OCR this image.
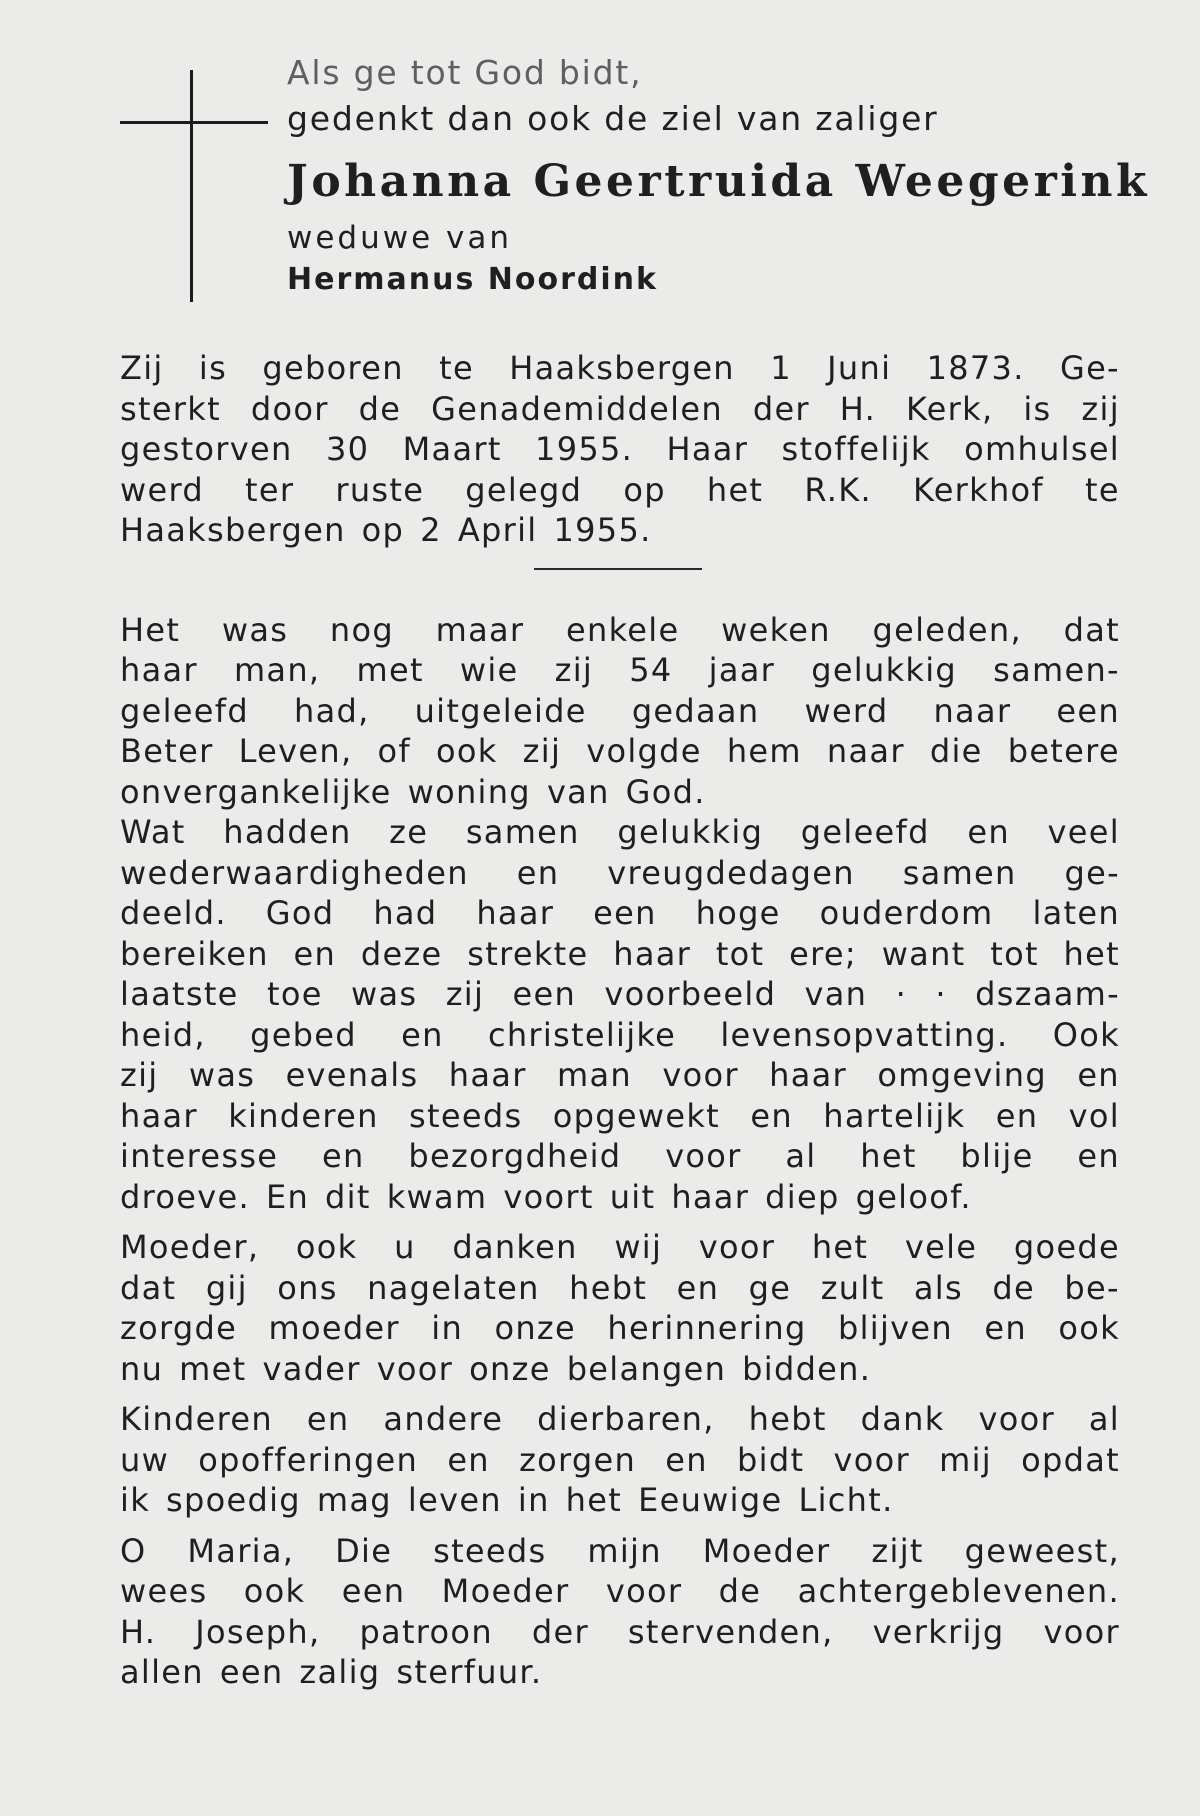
Als ge tot God bidt,

gedenkt dan ook de ziel van zaliger

Johanna Geertruida Weegerink

weduwe van

Hermanus Noordink

Zij is geboren te Haaksbergen 1 Juni 1873. Ge-
sterkt door de Genademiddelen der H. Kerk, is zij
gestorven 30 Maart 1955. Haar stoffelijk omhulsel
werd ter ruste gelegd op het R.K. Kerkhof te
Haaksbergen op 2 April 1955.
Het was nog maar enkele weken geleden, dat
haar man, met wie zij 54 jaar gelukkig samen-
geleefd had, uitgeleide gedaan werd naar een
Beter Leven, of ook zij volgde hem naar die betere
onvergankelijke woning van God.
Wat hadden ze samen gelukkig geleefd en veel
wederwaardigheden en vreugdedagen samen ge-
deeld. God had haar een hoge ouderdom laten
bereiken en deze strekte haar tot ere; want tot het
laatste toe was zij een voorbeeld van · · dszaam-
heid, gebed en christelijke levensopvatting. Ook
zij was evenals haar man voor haar omgeving en
haar kinderen steeds opgewekt en hartelijk en vol
interesse en bezorgdheid voor al het blije en
droeve. En dit kwam voort uit haar diep geloof.
Moeder, ook u danken wij voor het vele goede
dat gij ons nagelaten hebt en ge zult als de be-
zorgde moeder in onze herinnering blijven en ook
nu met vader voor onze belangen bidden.
Kinderen en andere dierbaren, hebt dank voor al
uw opofferingen en zorgen en bidt voor mij opdat
ik spoedig mag leven in het Eeuwige Licht.
O Maria, Die steeds mijn Moeder zijt geweest,
wees ook een Moeder voor de achtergeblevenen.
H. Joseph, patroon der stervenden, verkrijg voor
allen een zalig sterfuur.
